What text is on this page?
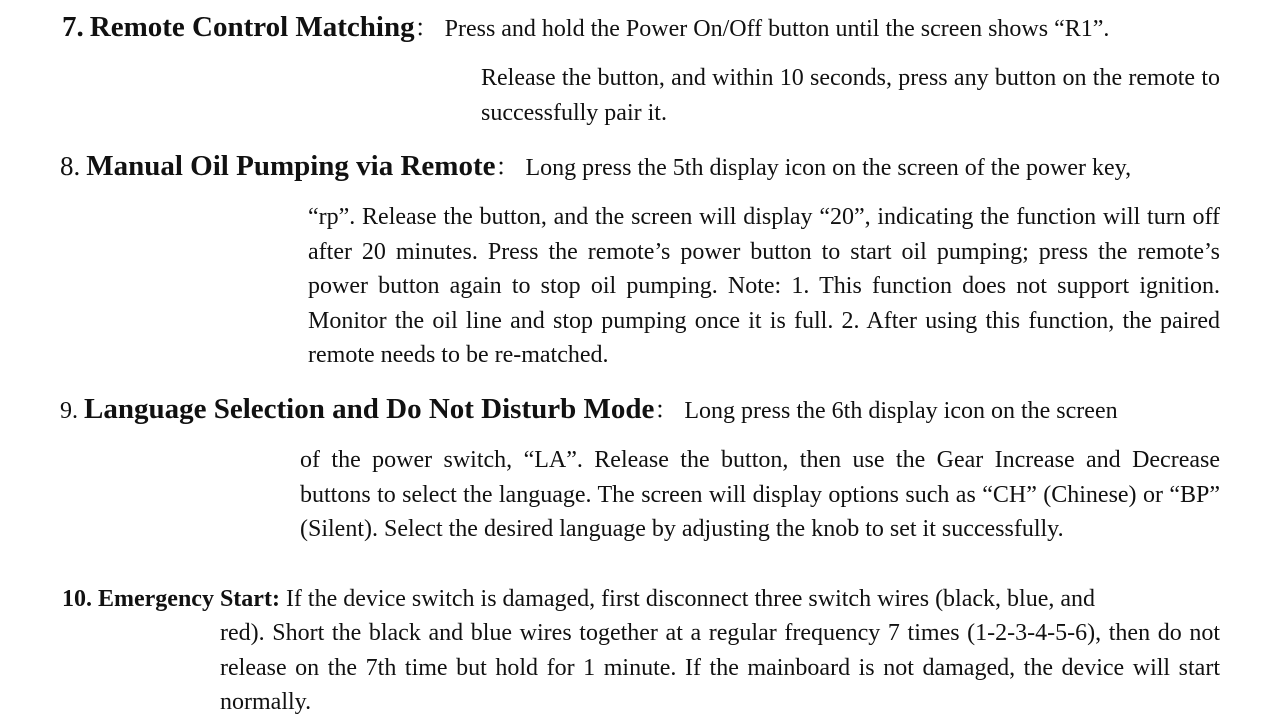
7. Remote Control Matching： Press and hold the Power On/Off button until the screen shows “R1”.
Release the button, and within 10 seconds, press any button on the remote to successfully pair it.
8. Manual Oil Pumping via Remote： Long press the 5th display icon on the screen of the power key,
“rp”. Release the button, and the screen will display “20”, indicating the function will turn off after 20 minutes. Press the remote’s power button to start oil pumping; press the remote’s power button again to stop oil pumping. Note: 1. This function does not support ignition. Monitor the oil line and stop pumping once it is full. 2. After using this function, the paired remote needs to be re-matched.
9. Language Selection and Do Not Disturb Mode： Long press the 6th display icon on the screen
of the power switch, “LA”. Release the button, then use the Gear Increase and Decrease buttons to select the language. The screen will display options such as “CH” (Chinese) or “BP” (Silent). Select the desired language by adjusting the knob to set it successfully.
10. Emergency Start: If the device switch is damaged, first disconnect three switch wires (black, blue, and
red). Short the black and blue wires together at a regular frequency 7 times (1-2-3-4-5-6), then do not release on the 7th time but hold for 1 minute. If the mainboard is not damaged, the device will start normally.
